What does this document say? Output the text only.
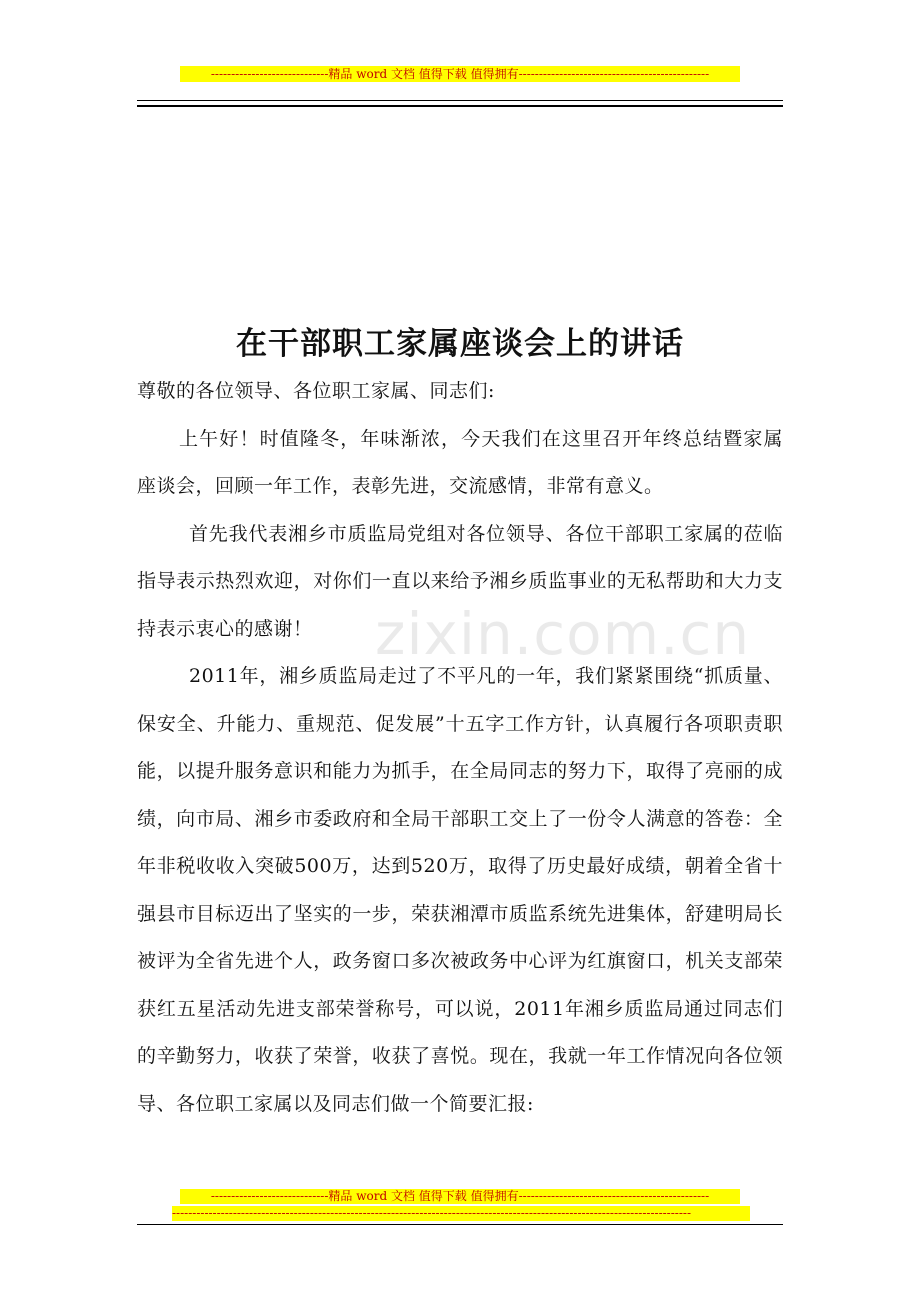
-----------------------------精品 word 文档 值得下载 值得拥有-----------------------------------------------
zixin.com.cn
在干部职工家属座谈会上的讲话

尊敬的各位领导、各位职工家属、同志们:

上午好！时值隆冬，年味渐浓，今天我们在这里召开年终总结暨家属座谈会，回顾一年工作，表彰先进，交流感情，非常有意义。

首先我代表湘乡市质监局党组对各位领导、各位干部职工家属的莅临指导表示热烈欢迎，对你们一直以来给予湘乡质监事业的无私帮助和大力支持表示衷心的感谢！

2011年，湘乡质监局走过了不平凡的一年，我们紧紧围绕“抓质量、保安全、升能力、重规范、促发展”十五字工作方针，认真履行各项职责职能，以提升服务意识和能力为抓手，在全局同志的努力下，取得了亮丽的成绩，向市局、湘乡市委政府和全局干部职工交上了一份令人满意的答卷：全年非税收收入突破500万，达到520万，取得了历史最好成绩，朝着全省十强县市目标迈出了坚实的一步，荣获湘潭市质监系统先进集体，舒建明局长被评为全省先进个人，政务窗口多次被政务中心评为红旗窗口，机关支部荣获红五星活动先进支部荣誉称号，可以说，2011年湘乡质监局通过同志们的辛勤努力，收获了荣誉，收获了喜悦。现在，我就一年工作情况向各位领导、各位职工家属以及同志们做一个简要汇报:

-----------------------------精品 word 文档 值得下载 值得拥有-----------------------------------------------
--------------------------------------------------------------------------------------------------------------------------------
